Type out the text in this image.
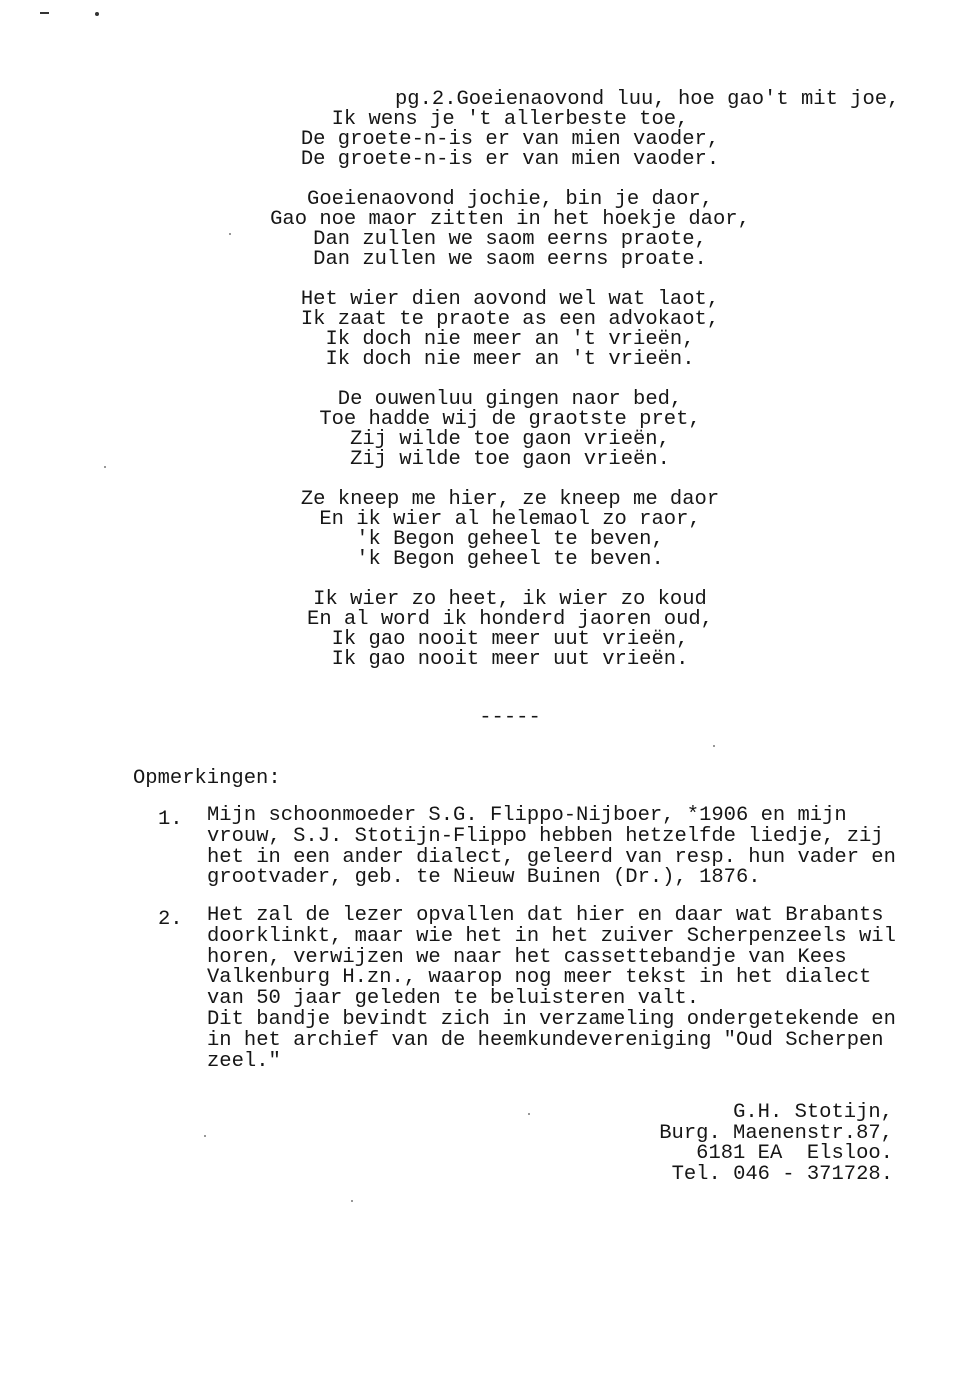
pg.2.Goeienaovond luu, hoe gao't mit joe,
Ik wens je 't allerbeste toe,
De groete-n-is er van mien vaoder,
De groete-n-is er van mien vaoder.
Goeienaovond jochie, bin je daor,
Gao noe maor zitten in het hoekje daor,
Dan zullen we saom eerns praote,
Dan zullen we saom eerns proate.
Het wier dien aovond wel wat laot,
Ik zaat te praote as een advokaot,
Ik doch nie meer an 't vrieën,
Ik doch nie meer an 't vrieën.
De ouwenluu gingen naor bed,
Toe hadde wij de graotste pret,
Zij wilde toe gaon vrieën,
Zij wilde toe gaon vrieën.
Ze kneep me hier, ze kneep me daor
En ik wier al helemaol zo raor,
'k Begon geheel te beven,
'k Begon geheel te beven.
Ik wier zo heet, ik wier zo koud
En al word ik honderd jaoren oud,
Ik gao nooit meer uut vrieën,
Ik gao nooit meer uut vrieën.
-----
Opmerkingen:
1. Mijn schoonmoeder S.G. Flippo-Nijboer, *1906 en mijn
vrouw, S.J. Stotijn-Flippo hebben hetzelfde liedje, zij
het in een ander dialect, geleerd van resp. hun vader en
grootvader, geb. te Nieuw Buinen (Dr.), 1876.
2. Het zal de lezer opvallen dat hier en daar wat Brabants
doorklinkt, maar wie het in het zuiver Scherpenzeels wil
horen, verwijzen we naar het cassettebandje van Kees
Valkenburg H.zn., waarop nog meer tekst in het dialect
van 50 jaar geleden te beluisteren valt.
Dit bandje bevindt zich in verzameling ondergetekende en
in het archief van de heemkundevereniging "Oud Scherpen
zeel."
G.H. Stotijn,
Burg. Maenenstr.87,
6181 EA  Elsloo.
Tel. 046 - 371728.
